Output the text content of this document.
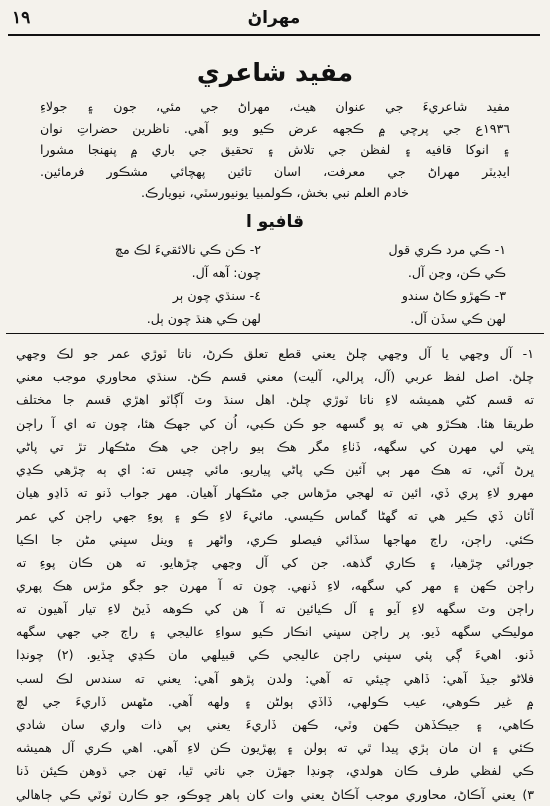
١٩	مهراڻ
مفيد شاعري
مفيد شاعريءَ جي عنوان هيٺ، مهراڻ جي مئي، جون ۽ جولاءِ
١٩٣٦ع جي پرچي ۾ ڪجهه عرض ڪيو ويو آهي. ناظرين حضراتِ نوان
۽ انوکا قافيه ۽ لفظن جي تلاش ۽ تحقيق جي باري ۾ پنهنجا مشورا
ايڊيٽر مهراڻ جي معرفت، اسان تائين پهچائي مشڪور فرمائين.
خادم العلم نبي بخش، ڪولمبيا يونيورسٽي، نيويارڪ.
قافيو ا
١- ڪي مرد ڪري قول
٢- ڪن ڪي نالائقيءَ لڪ مڇ
ڪي ڪن، وڃن آل.
چون: آهه آل.
٣- ڪهڙو ڪاڻ سندو
٤- سنڌي چون ٻر
لهن ڪي سڏن آل.
لهن ڪي هنڌ چون ٻل.
١- آل وڃهي يا آل وڃهي چلڻ يعني قطع تعلق ڪرڻ، ناتا ٽوڙي عمر جو لڪ وڃهي
چلڻ. اصل لفظ عربي (آل، پرالي، آليت) معني قسم ڪڻ. سنڌي محاوري موجب معني
ته قسم کڻي هميشه لاءِ ناتا ٽوڙي چلڻ. اهل سنڌ وٽ آڳاٽو اهڙي قسم جا مختلف
طريقا هئا. هڪڙو هي ته پو گسهه جو ڪن ڪبي، اُن کي جهڪ هئا، چون ته اي آ راڄن
ڀتي لي مهرن کي سگهه، ڏٺاءِ مگر هڪ ٻيو راڄن جي هڪ مڻڪهار تڙ تي پاڻي
ڀرڻ آئي، ته هڪ مهر ٻي آئين ڪي پاڻي پياريو. مائي چيس ته: اي ٻه چڙهي ڪڍي
مهرو لاءِ پري ڏي، ائين ته لهجي مڙهاس جي مڻڪهار آهيان. مهر جواب ڏنو ته ڏاڍو هيان
آئان ڏي ڪير هي ته گهڻا گماس ڪيسي. مائيءَ لاءِ ڪو ۽ پوءِ جهي راڄن کي عمر
ڪئي. راڄن، راڄ مهاجها سڏائي فيصلو ڪري، واڻهر ۽ وينل سڀني مڻن جا اڪيا
جورائي چڙهيا، ۽ ڪاري گذهه. جن کي آل وڃهي چڙهايو. ته هن ڪان پوءِ ته
راڄن ڪهن ۽ مهر کي سگهه، لاءِ ڏنهي. چون ته آ مهرن جو جگو مڙس هڪ پهري
راڄن وٽ سگهه لاءِ آيو ۽ آل ڪيائين ته آ هن کي ڪوهه ڏيڻ لاءِ تيار آهيون ته
موليڪي سگهه ڏيو. پر راڄن سڀني انڪار ڪيو سواءِ عاليجي ۽ راڄ جي جهي سگهه
ڏنو. اهيءَ ڳي پئي سڀني راڄن عاليجي ڪي قبيلهي مان ڪڍي ڇڏيو. (٢) چونڊا
فلاڻو جيڏ آهي: ڏاهي چيئي ته آهي: ولدن پڙهو آهي: يعني ته سندس لڪ لسب
۾ غير ڪوهي، عيب ڪولهي، ڏاڏي ٻولڻن ۽ ولهه آهي. مڻهس ڏاريءَ جي لچ
ڪاهي، ۽ جيڪڏهن ڪهن وٽي، ڪهن ڏاريءَ يعني ٻي ذات واري سان شادي
ڪئي ۽ ان مان ٻڙي پيدا ٿي ته ٻولن ۽ پهڙيون ڪن لاءِ آهي. اهي ڪري آل هميشه
ڪي لفظي طرف ڪان هولدي، چونڊا جهڙن جي ناتي ٿيا، تهن جي ڌوهن ڪيئن ڏنا
٣) يعني آڪاڻ، محاوري موجب آڪاڻ يعني وات کان ٻاهر ڇوڪو، جو ڪارن ٽوٽي ڪي ڄاهالي
